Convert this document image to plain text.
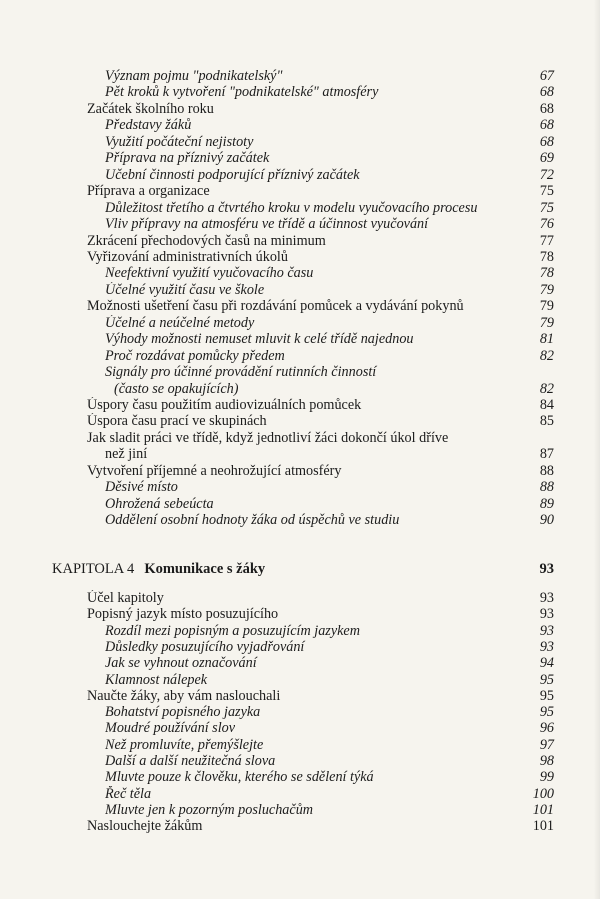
Význam pojmu "podnikatelský"	67
Pět kroků k vytvoření "podnikatelské" atmosféry	68
Začátek školního roku	68
Představy žáků	68
Využití počáteční nejistoty	68
Příprava na příznivý začátek	69
Učební činnosti podporující příznivý začátek	72
Příprava a organizace	75
Důležitost třetího a čtvrtého kroku v modelu vyučovacího procesu	75
Vliv přípravy na atmosféru ve třídě a účinnost vyučování	76
Zkrácení přechodových časů na minimum	77
Vyřizování administrativních úkolů	78
Neefektivní využití vyučovacího času	78
Účelné využití času ve škole	79
Možnosti ušetření času při rozdávání pomůcek a vydávání pokynů	79
Účelné a neúčelné metody	79
Výhody možnosti nemuset mluvit k celé třídě najednou	81
Proč rozdávat pomůcky předem	82
Signály pro účinné provádění rutinních činností
(často se opakujících)	82
Úspory času použitím audiovizuálních pomůcek	84
Úspora času prací ve skupinách	85
Jak sladit práci ve třídě, když jednotliví žáci dokončí úkol dříve
než jiní	87
Vytvoření příjemné a neohrožující atmosféry	88
Děsivé místo	88
Ohrožená sebeúcta	89
Oddělení osobní hodnoty žáka od úspěchů ve studiu	90
KAPITOLA 4 Komunikace s žáky	93
Účel kapitoly	93
Popisný jazyk místo posuzujícího	93
Rozdíl mezi popisným a posuzujícím jazykem	93
Důsledky posuzujícího vyjadřování	93
Jak se vyhnout označování	94
Klamnost nálepek	95
Naučte žáky, aby vám naslouchali	95
Bohatství popisného jazyka	95
Moudré používání slov	96
Než promluvíte, přemýšlejte	97
Další a další neužitečná slova	98
Mluvte pouze k člověku, kterého se sdělení týká	99
Řeč těla	100
Mluvte jen k pozorným posluchačům	101
Naslouchejte žákům	101
